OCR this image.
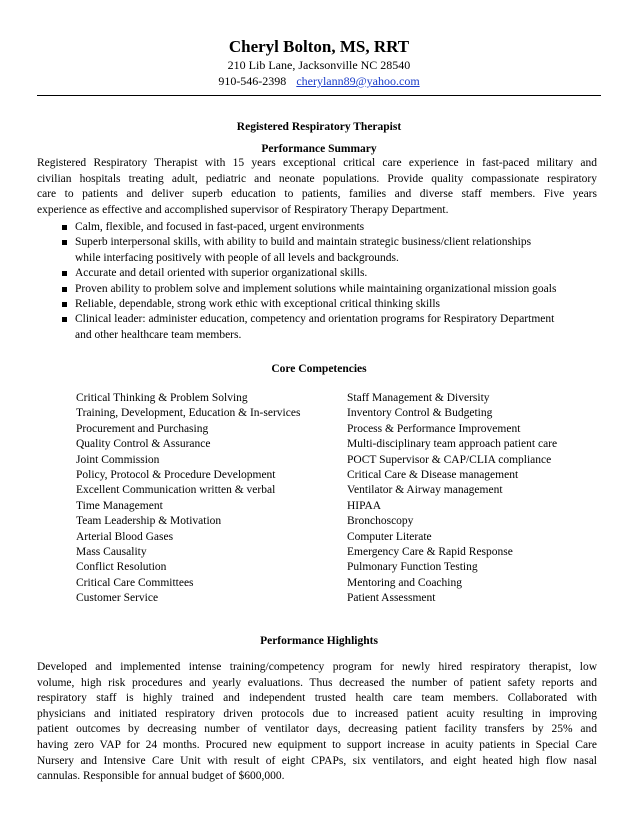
Cheryl Bolton, MS, RRT
210 Lib Lane, Jacksonville NC 28540
910-546-2398 cherylann89@yahoo.com
Registered Respiratory Therapist
Performance Summary
Registered Respiratory Therapist with 15 years exceptional critical care experience in fast-paced military and
civilian hospitals treating adult, pediatric and neonate populations. Provide quality compassionate respiratory
care to patients and deliver superb education to patients, families and diverse staff members. Five years
experience as effective and accomplished supervisor of Respiratory Therapy Department.
Calm, flexible, and focused in fast-paced, urgent environments
Superb interpersonal skills, with ability to build and maintain strategic business/client relationships
while interfacing positively with people of all levels and backgrounds.
Accurate and detail oriented with superior organizational skills.
Proven ability to problem solve and implement solutions while maintaining organizational mission goals
Reliable, dependable, strong work ethic with exceptional critical thinking skills
Clinical leader: administer education, competency and orientation programs for Respiratory Department
and other healthcare team members.
Core Competencies
Critical Thinking & Problem Solving
Training, Development, Education & In-services
Procurement and Purchasing
Quality Control & Assurance
Joint Commission
Policy, Protocol & Procedure Development
Excellent Communication written & verbal
Time Management
Team Leadership & Motivation
Arterial Blood Gases
Mass Causality
Conflict Resolution
Critical Care Committees
Customer Service
Staff Management & Diversity
Inventory Control & Budgeting
Process & Performance Improvement
Multi-disciplinary team approach patient care
POCT Supervisor & CAP/CLIA compliance
Critical Care & Disease management
Ventilator & Airway management
HIPAA
Bronchoscopy
Computer Literate
Emergency Care & Rapid Response
Pulmonary Function Testing
Mentoring and Coaching
Patient Assessment
Performance Highlights
Developed and implemented intense training/competency program for newly hired respiratory therapist, low
volume, high risk procedures and yearly evaluations. Thus decreased the number of patient safety reports and
respiratory staff is highly trained and independent trusted health care team members. Collaborated with
physicians and initiated respiratory driven protocols due to increased patient acuity resulting in improving
patient outcomes by decreasing number of ventilator days, decreasing patient facility transfers by 25% and
having zero VAP for 24 months. Procured new equipment to support increase in acuity patients in Special Care
Nursery and Intensive Care Unit with result of eight CPAPs, six ventilators, and eight heated high flow nasal
cannulas. Responsible for annual budget of $600,000.
